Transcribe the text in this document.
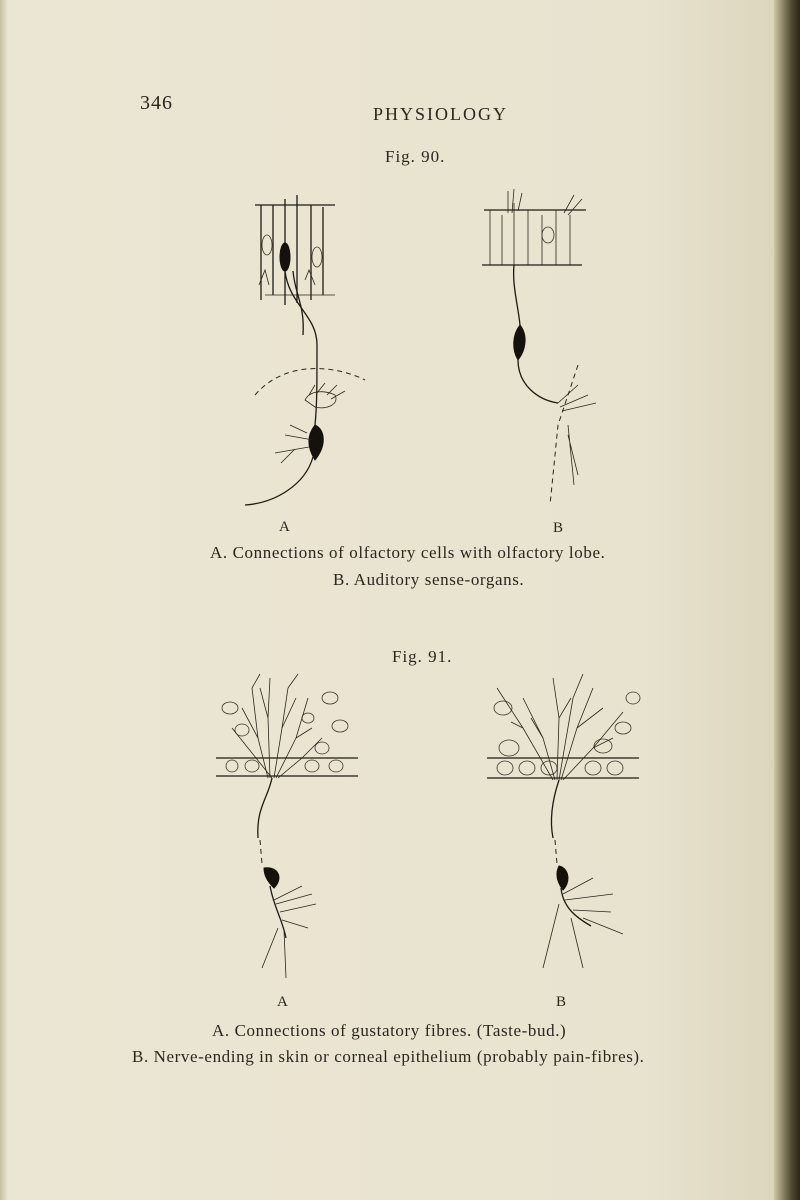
346	PHYSIOLOGY
Fig. 90.
A	B
A. Connections of olfactory cells with olfactory lobe.
B. Auditory sense-organs.
Fig. 91.
A	B
A. Connections of gustatory fibres. (Taste-bud.)
B. Nerve-ending in skin or corneal epithelium (probably pain-fibres).
